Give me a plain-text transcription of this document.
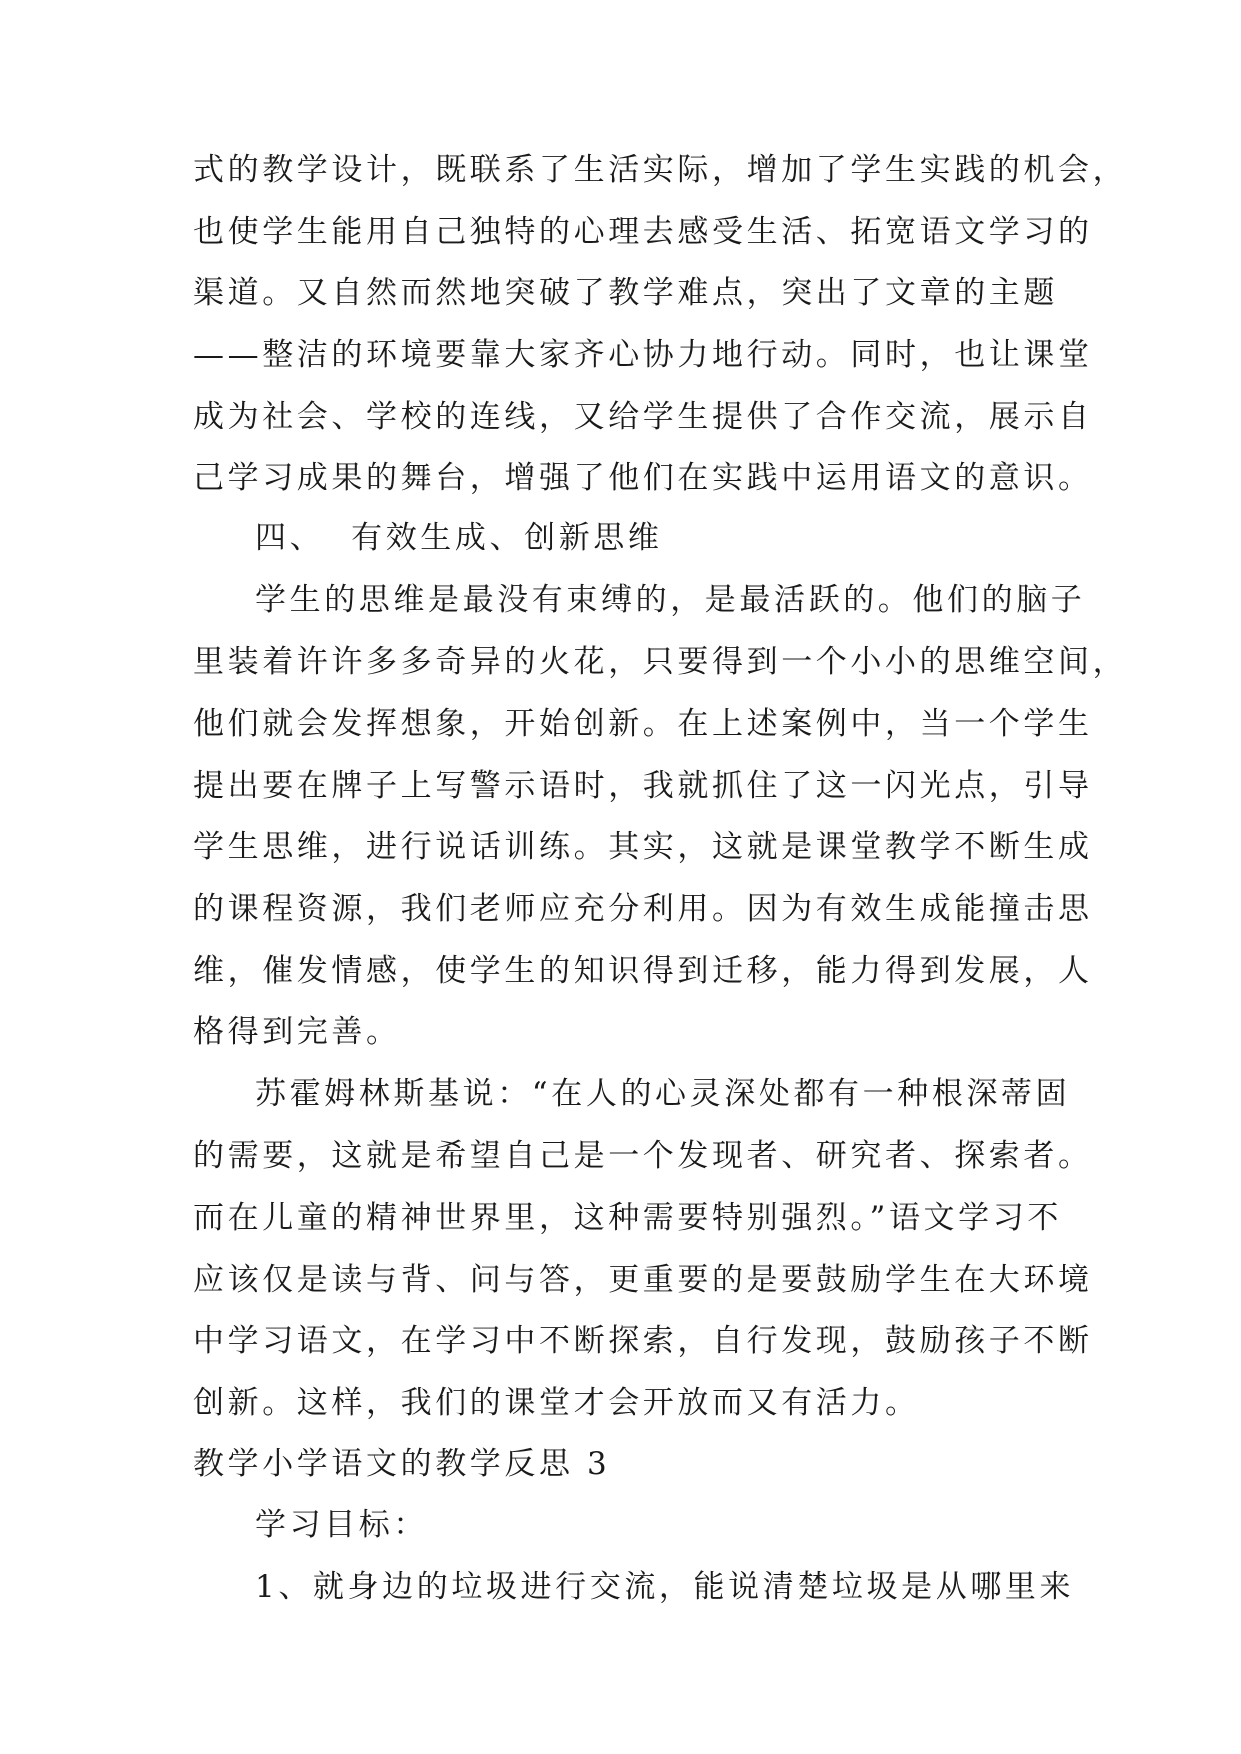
式的教学设计，既联系了生活实际，增加了学生实践的机会，
也使学生能用自己独特的心理去感受生活、拓宽语文学习的
渠道。又自然而然地突破了教学难点，突出了文章的主题
——整洁的环境要靠大家齐心协力地行动。同时，也让课堂
成为社会、学校的连线，又给学生提供了合作交流，展示自
己学习成果的舞台，增强了他们在实践中运用语文的意识。
四、  有效生成、创新思维
学生的思维是最没有束缚的，是最活跃的。他们的脑子
里装着许许多多奇异的火花，只要得到一个小小的思维空间，
他们就会发挥想象，开始创新。在上述案例中，当一个学生
提出要在牌子上写警示语时，我就抓住了这一闪光点，引导
学生思维，进行说话训练。其实，这就是课堂教学不断生成
的课程资源，我们老师应充分利用。因为有效生成能撞击思
维，催发情感，使学生的知识得到迁移，能力得到发展，人
格得到完善。
苏霍姆林斯基说：“在人的心灵深处都有一种根深蒂固
的需要，这就是希望自己是一个发现者、研究者、探索者。
而在儿童的精神世界里，这种需要特别强烈。”语文学习不
应该仅是读与背、问与答，更重要的是要鼓励学生在大环境
中学习语文，在学习中不断探索，自行发现，鼓励孩子不断
创新。这样，我们的课堂才会开放而又有活力。
教学小学语文的教学反思 3
学习目标：
1、就身边的垃圾进行交流，能说清楚垃圾是从哪里来
